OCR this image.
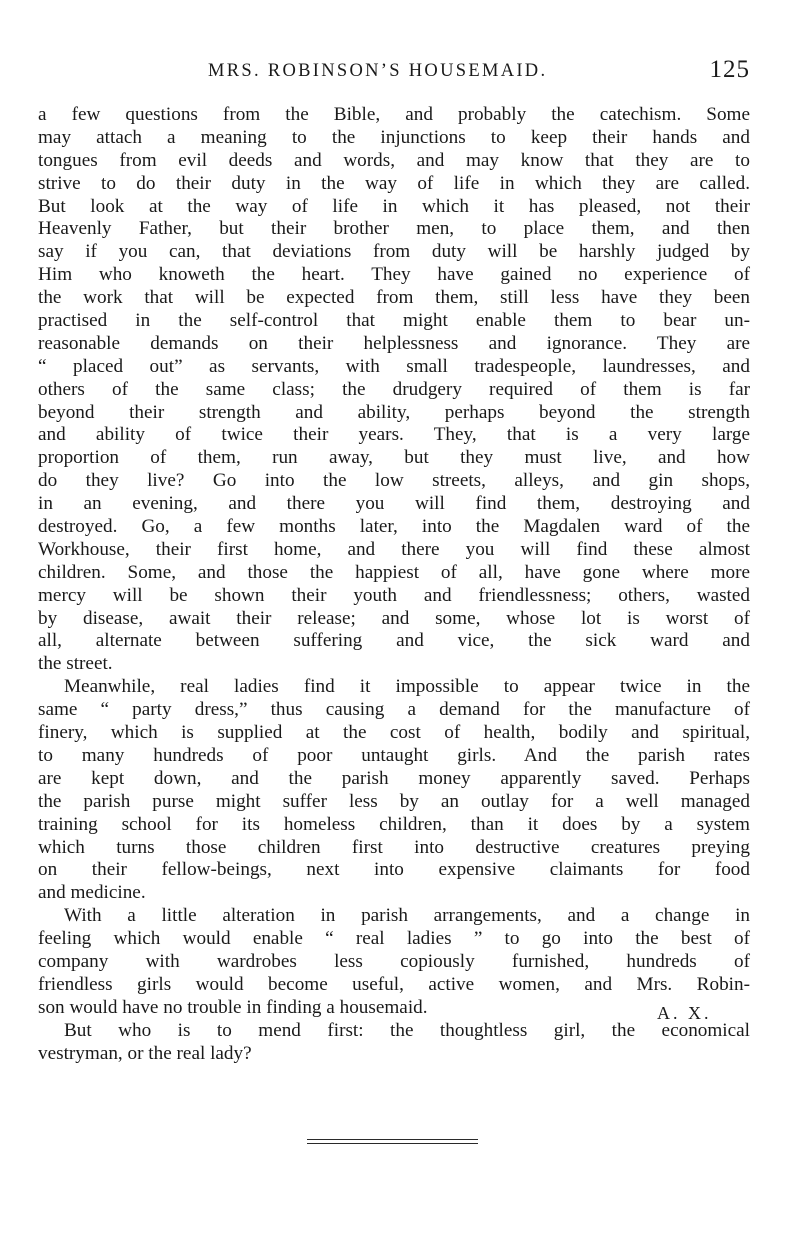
MRS. ROBINSON’S HOUSEMAID.	125
a few questions from the Bible, and probably the catechism. Some
may attach a meaning to the injunctions to keep their hands and
tongues from evil deeds and words, and may know that they are to
strive to do their duty in the way of life in which they are called.
But look at the way of life in which it has pleased, not their
Heavenly Father, but their brother men, to place them, and then
say if you can, that deviations from duty will be harshly judged by
Him who knoweth the heart. They have gained no experience of
the work that will be expected from them, still less have they been
practised in the self-control that might enable them to bear un-
reasonable demands on their helplessness and ignorance. They are
“ placed out” as servants, with small tradespeople, laundresses, and
others of the same class; the drudgery required of them is far
beyond their strength and ability, perhaps beyond the strength
and ability of twice their years. They, that is a very large
proportion of them, run away, but they must live, and how
do they live? Go into the low streets, alleys, and gin shops,
in an evening, and there you will find them, destroying and
destroyed. Go, a few months later, into the Magdalen ward of the
Workhouse, their first home, and there you will find these almost
children. Some, and those the happiest of all, have gone where more
mercy will be shown their youth and friendlessness; others, wasted
by disease, await their release; and some, whose lot is worst of
all, alternate between suffering and vice, the sick ward and
the street.
Meanwhile, real ladies find it impossible to appear twice in the
same “ party dress,” thus causing a demand for the manufacture of
finery, which is supplied at the cost of health, bodily and spiritual,
to many hundreds of poor untaught girls. And the parish rates
are kept down, and the parish money apparently saved. Perhaps
the parish purse might suffer less by an outlay for a well managed
training school for its homeless children, than it does by a system
which turns those children first into destructive creatures preying
on their fellow-beings, next into expensive claimants for food
and medicine.
With a little alteration in parish arrangements, and a change in
feeling which would enable “ real ladies ” to go into the best of
company with wardrobes less copiously furnished, hundreds of
friendless girls would become useful, active women, and Mrs. Robin-
son would have no trouble in finding a housemaid.
But who is to mend first: the thoughtless girl, the economical
vestryman, or the real lady?
A. X.
